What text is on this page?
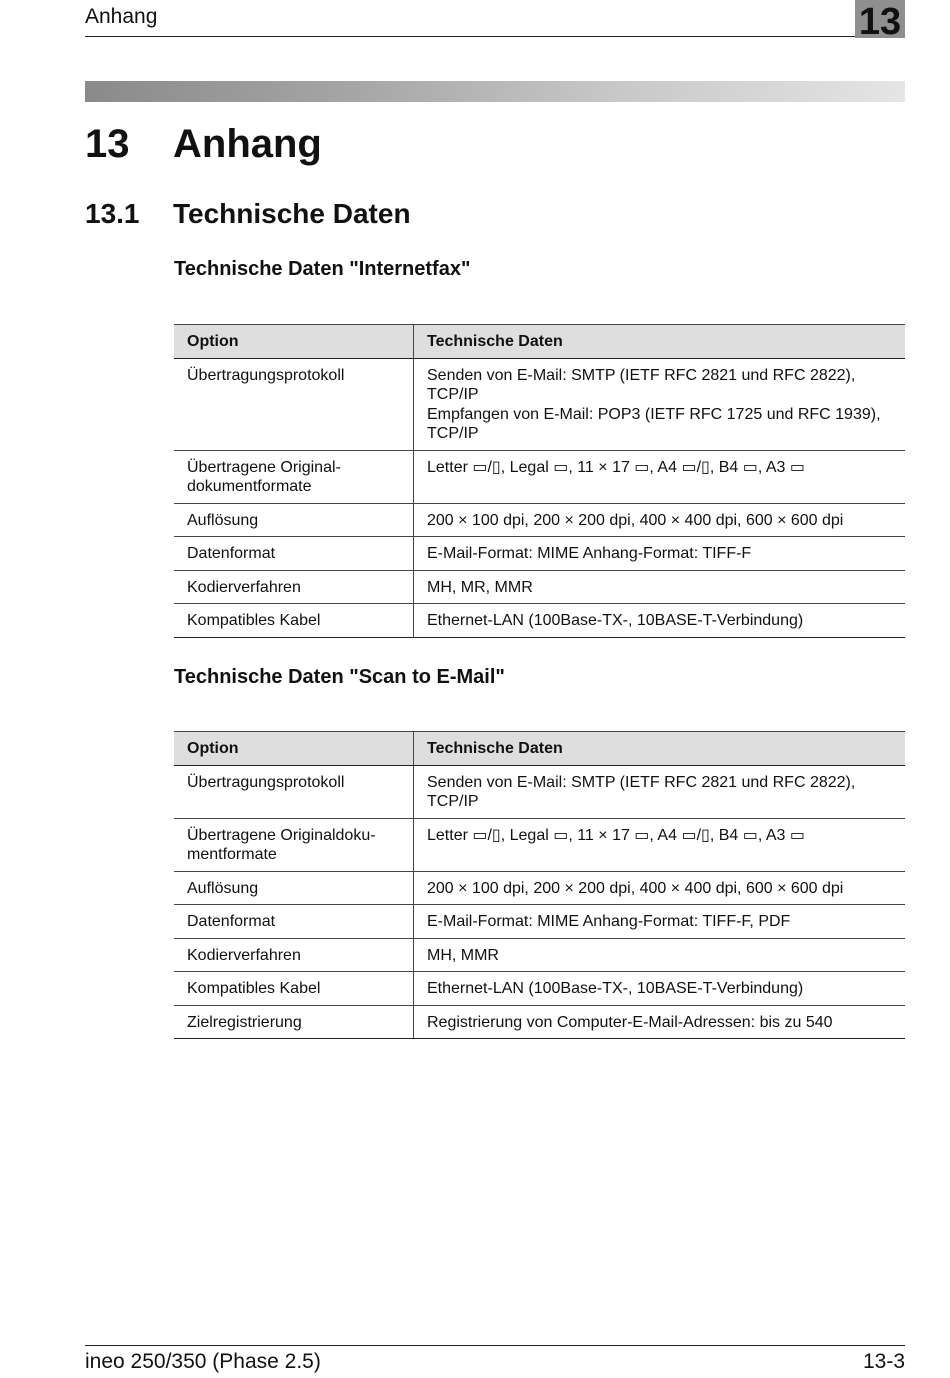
Anhang	13
13 Anhang
13.1 Technische Daten
Technische Daten "Internetfax"
Option	Technische Daten
Übertragungsprotokoll	Senden von E-Mail: SMTP (IETF RFC 2821 und RFC 2822),
TCP/IP
Empfangen von E-Mail: POP3 (IETF RFC 1725 und RFC 1939),
TCP/IP
Übertragene Original-
dokumentformate	Letter ▭/▯, Legal ▭, 11 × 17 ▭, A4 ▭/▯, B4 ▭, A3 ▭
Auflösung	200 × 100 dpi, 200 × 200 dpi, 400 × 400 dpi, 600 × 600 dpi
Datenformat	E-Mail-Format: MIME Anhang-Format: TIFF-F
Kodierverfahren	MH, MR, MMR
Kompatibles Kabel	Ethernet-LAN (100Base-TX-, 10BASE-T-Verbindung)
Technische Daten "Scan to E-Mail"
Option	Technische Daten
Übertragungsprotokoll	Senden von E-Mail: SMTP (IETF RFC 2821 und RFC 2822),
TCP/IP
Übertragene Originaldoku-
mentformate	Letter ▭/▯, Legal ▭, 11 × 17 ▭, A4 ▭/▯, B4 ▭, A3 ▭
Auflösung	200 × 100 dpi, 200 × 200 dpi, 400 × 400 dpi, 600 × 600 dpi
Datenformat	E-Mail-Format: MIME Anhang-Format: TIFF-F, PDF
Kodierverfahren	MH, MMR
Kompatibles Kabel	Ethernet-LAN (100Base-TX-, 10BASE-T-Verbindung)
Zielregistrierung	Registrierung von Computer-E-Mail-Adressen: bis zu 540
ineo 250/350 (Phase 2.5)	13-3
